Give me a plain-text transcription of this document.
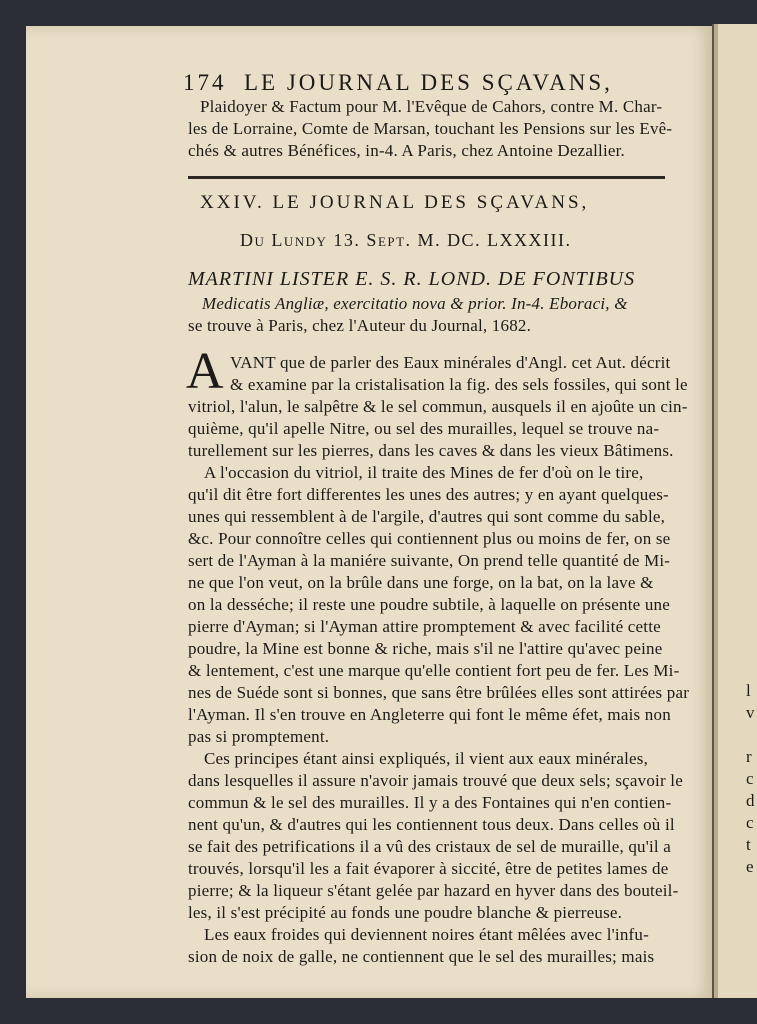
174 LE JOURNAL DES SÇAVANS,
Plaidoyer & Factum pour M. l'Evêque de Cahors, contre M. Char-
les de Lorraine, Comte de Marsan, touchant les Pensions sur les Evê-
chés & autres Bénéfices, in-4. A Paris, chez Antoine Dezallier.
XXIV. LE JOURNAL DES SÇAVANS,
Du Lundy 13. Sept. M. DC. LXXXIII.
MARTINI LISTER E. S. R. LOND. DE FONTIBUS
Medicatis Angliæ, exercitatio nova & prior. In-4. Eboraci, &
se trouve à Paris, chez l'Auteur du Journal, 1682.
A VANT que de parler des Eaux minérales d'Angl. cet Aut. décrit
& examine par la cristalisation la fig. des sels fossiles, qui sont le
vitriol, l'alun, le salpêtre & le sel commun, ausquels il en ajoûte un cin-
quième, qu'il apelle Nitre, ou sel des murailles, lequel se trouve na-
turellement sur les pierres, dans les caves & dans les vieux Bâtimens.
A l'occasion du vitriol, il traite des Mines de fer d'où on le tire,
qu'il dit être fort differentes les unes des autres; y en ayant quelques-
unes qui ressemblent à de l'argile, d'autres qui sont comme du sable,
&c. Pour connoître celles qui contiennent plus ou moins de fer, on se
sert de l'Ayman à la maniére suivante, On prend telle quantité de Mi-
ne que l'on veut, on la brûle dans une forge, on la bat, on la lave &
on la desséche; il reste une poudre subtile, à laquelle on présente une
pierre d'Ayman; si l'Ayman attire promptement & avec facilité cette
poudre, la Mine est bonne & riche, mais s'il ne l'attire qu'avec peine
& lentement, c'est une marque qu'elle contient fort peu de fer. Les Mi-
nes de Suéde sont si bonnes, que sans être brûlées elles sont attirées par
l'Ayman. Il s'en trouve en Angleterre qui font le même éfet, mais non
pas si promptement.
Ces principes étant ainsi expliqués, il vient aux eaux minérales,
dans lesquelles il assure n'avoir jamais trouvé que deux sels; sçavoir le
commun & le sel des murailles. Il y a des Fontaines qui n'en contien-
nent qu'un, & d'autres qui les contiennent tous deux. Dans celles où il
se fait des petrifications il a vû des cristaux de sel de muraille, qu'il a
trouvés, lorsqu'il les a fait évaporer à siccité, être de petites lames de
pierre; & la liqueur s'étant gelée par hazard en hyver dans des bouteil-
les, il s'est précipité au fonds une poudre blanche & pierreuse.
Les eaux froides qui deviennent noires étant mêlées avec l'infu-
sion de noix de galle, ne contiennent que le sel des murailles; mais
l
v
r
c
d
c
t
e
